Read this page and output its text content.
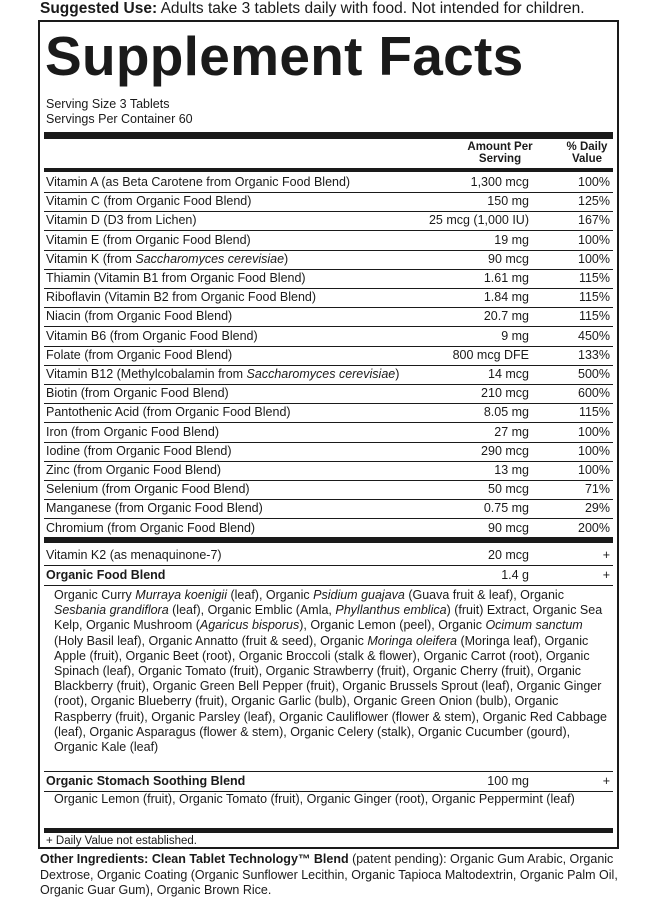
Suggested Use: Adults take 3 tablets daily with food. Not intended for children.
Supplement Facts
Serving Size 3 Tablets
Servings Per Container 60
Amount Per
Serving
% Daily
Value
Vitamin A (as Beta Carotene from Organic Food Blend)	1,300 mcg	100%
Vitamin C (from Organic Food Blend)	150 mg	125%
Vitamin D (D3 from Lichen)	25 mcg (1,000 IU)	167%
Vitamin E (from Organic Food Blend)	19 mg	100%
Vitamin K (from Saccharomyces cerevisiae)	90 mcg	100%
Thiamin (Vitamin B1 from Organic Food Blend)	1.61 mg	115%
Riboflavin (Vitamin B2 from Organic Food Blend)	1.84 mg	115%
Niacin (from Organic Food Blend)	20.7 mg	115%
Vitamin B6 (from Organic Food Blend)	9 mg	450%
Folate (from Organic Food Blend)	800 mcg DFE	133%
Vitamin B12 (Methylcobalamin from Saccharomyces cerevisiae)	14 mcg	500%
Biotin (from Organic Food Blend)	210 mcg	600%
Pantothenic Acid (from Organic Food Blend)	8.05 mg	115%
Iron (from Organic Food Blend)	27 mg	100%
Iodine (from Organic Food Blend)	290 mcg	100%
Zinc (from Organic Food Blend)	13 mg	100%
Selenium (from Organic Food Blend)	50 mcg	71%
Manganese (from Organic Food Blend)	0.75 mg	29%
Chromium (from Organic Food Blend)	90 mcg	200%
Vitamin K2 (as menaquinone-7)	20 mcg	+
Organic Food Blend	1.4 g	+
Organic Curry Murraya koenigii (leaf), Organic Psidium guajava (Guava fruit & leaf), Organic Sesbania grandiflora (leaf), Organic Emblic (Amla, Phyllanthus emblica) (fruit) Extract, Organic Sea Kelp, Organic Mushroom (Agaricus bisporus), Organic Lemon (peel), Organic Ocimum sanctum (Holy Basil leaf), Organic Annatto (fruit & seed), Organic Moringa oleifera (Moringa leaf), Organic Apple (fruit), Organic Beet (root), Organic Broccoli (stalk & flower), Organic Carrot (root), Organic Spinach (leaf), Organic Tomato (fruit), Organic Strawberry (fruit), Organic Cherry (fruit), Organic Blackberry (fruit), Organic Green Bell Pepper (fruit), Organic Brussels Sprout (leaf), Organic Ginger (root), Organic Blueberry (fruit), Organic Garlic (bulb), Organic Green Onion (bulb), Organic Raspberry (fruit), Organic Parsley (leaf), Organic Cauliflower (flower & stem), Organic Red Cabbage (leaf), Organic Asparagus (flower & stem), Organic Celery (stalk), Organic Cucumber (gourd), Organic Kale (leaf)
Organic Stomach Soothing Blend	100 mg	+
Organic Lemon (fruit), Organic Tomato (fruit), Organic Ginger (root), Organic Peppermint (leaf)
+ Daily Value not established.
Other Ingredients: Clean Tablet Technology™ Blend (patent pending): Organic Gum Arabic, Organic Dextrose, Organic Coating (Organic Sunflower Lecithin, Organic Tapioca Maltodextrin, Organic Palm Oil, Organic Guar Gum), Organic Brown Rice.
